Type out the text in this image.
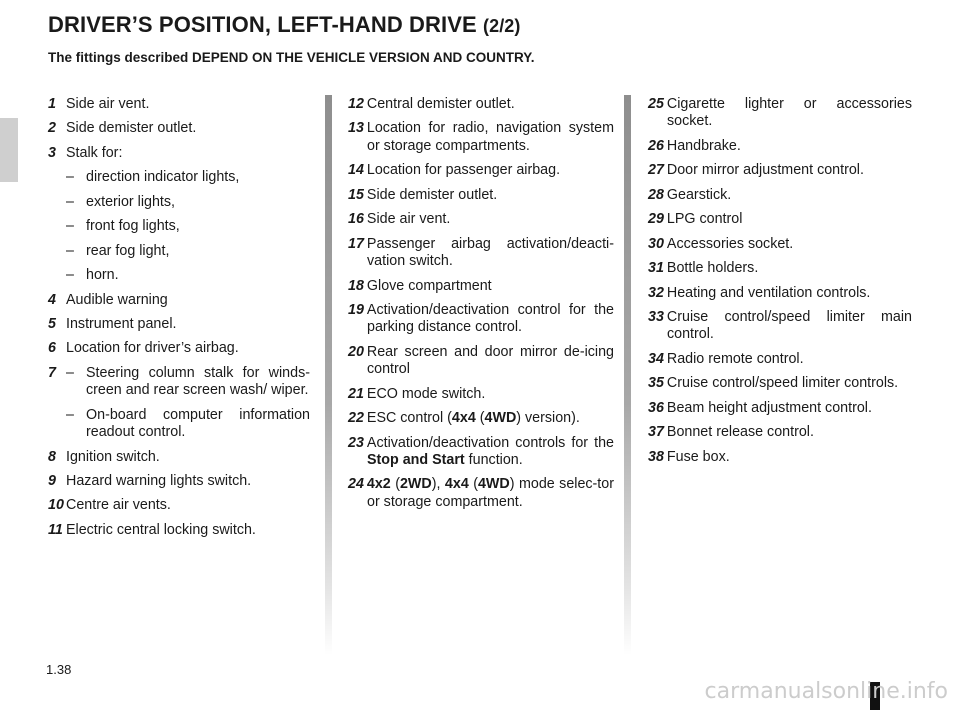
DRIVER’S POSITION, LEFT-HAND DRIVE (2/2)

The fittings described DEPEND ON THE VEHICLE VERSION AND COUNTRY.

1 Side air vent.
2 Side demister outlet.
3 Stalk for:
– direction indicator lights,
– exterior lights,
– front fog lights,
– rear fog light,
– horn.
4 Audible warning
5 Instrument panel.
6 Location for driver’s airbag.
7 – Steering column stalk for winds-creen and rear screen wash/ wiper.
– On-board computer information readout control.
8 Ignition switch.
9 Hazard warning lights switch.
10 Centre air vents.
11 Electric central locking switch.
12 Central demister outlet.
13 Location for radio, navigation system or storage compartments.
14 Location for passenger airbag.
15 Side demister outlet.
16 Side air vent.
17 Passenger airbag activation/deacti-vation switch.
18 Glove compartment
19 Activation/deactivation control for the parking distance control.
20 Rear screen and door mirror de-icing control
21 ECO mode switch.
22 ESC control (4x4 (4WD) version).
23 Activation/deactivation controls for the Stop and Start function.
24 4x2 (2WD), 4x4 (4WD) mode selec-tor or storage compartment.
25 Cigarette lighter or accessories socket.
26 Handbrake.
27 Door mirror adjustment control.
28 Gearstick.
29 LPG control
30 Accessories socket.
31 Bottle holders.
32 Heating and ventilation controls.
33 Cruise control/speed limiter main control.
34 Radio remote control.
35 Cruise control/speed limiter controls.
36 Beam height adjustment control.
37 Bonnet release control.
38 Fuse box.
1.38
carmanualsonline.info
